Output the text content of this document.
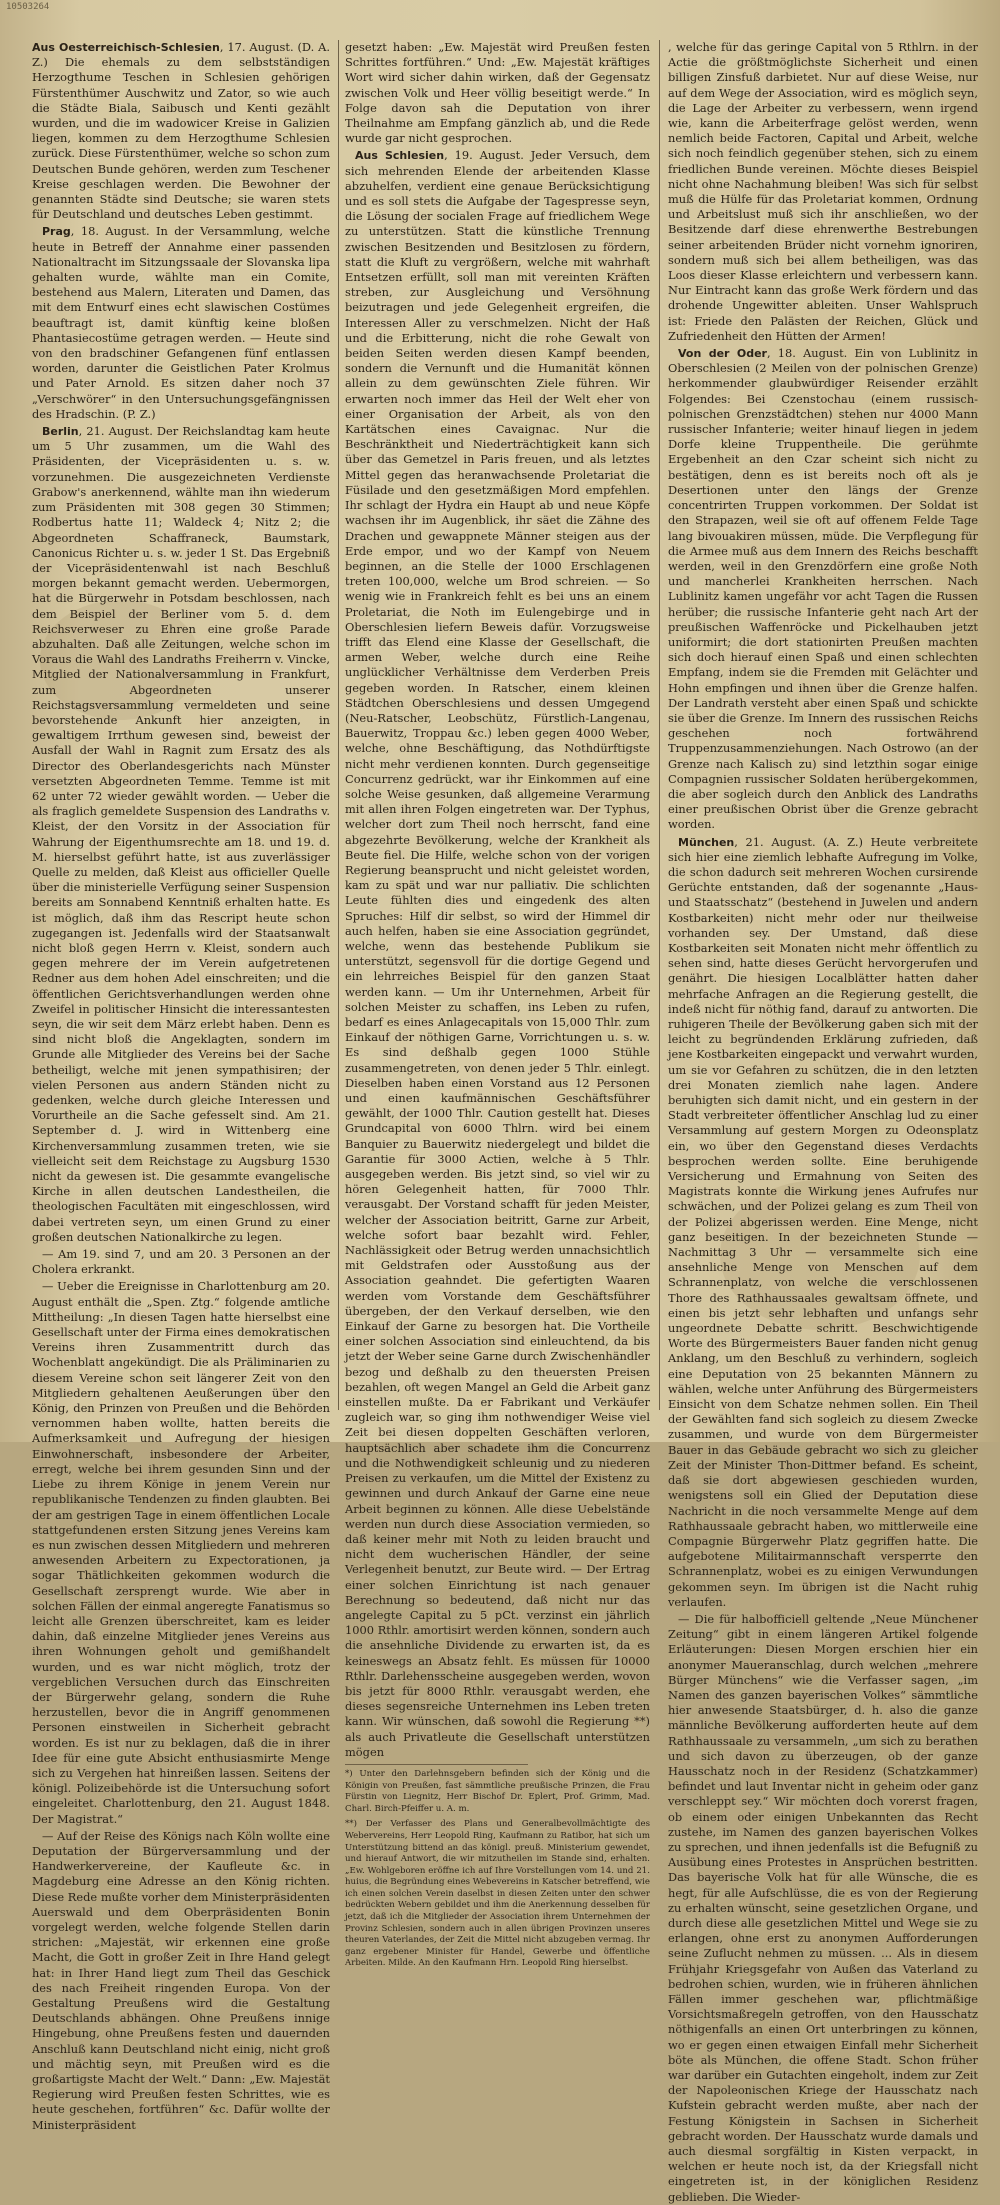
10503264

Aus Oesterreichisch-Schlesien, 17. August. (D. A. Z.) Die ehemals zu dem selbstständigen Herzogthume Teschen in Schlesien gehörigen Fürstenthümer Auschwitz und Zator, so wie auch die Städte Biala, Saibusch und Kenti gezählt wurden, und die im wadowicer Kreise in Galizien liegen, kommen zu dem Herzogthume Schlesien zurück. Diese Fürstenthümer, welche so schon zum Deutschen Bunde gehören, werden zum Teschener Kreise geschlagen werden. Die Bewohner der genannten Städte sind Deutsche; sie waren stets für Deutschland und deutsches Leben gestimmt.

Prag, 18. August. In der Versammlung, welche heute in Betreff der Annahme einer passenden Nationaltracht im Sitzungssaale der Slovanska lipa gehalten wurde, wählte man ein Comite, bestehend aus Malern, Literaten und Damen, das mit dem Entwurf eines echt slawischen Costümes beauftragt ist, damit künftig keine bloßen Phantasiecostüme getragen werden. — Heute sind von den bradschiner Gefangenen fünf entlassen worden, darunter die Geistlichen Pater Krolmus und Pater Arnold. Es sitzen daher noch 37 „Verschwörer“ in den Untersuchungsgefängnissen des Hradschin. (P. Z.)

Berlin, 21. August. Der Reichslandtag kam heute um 5 Uhr zusammen, um die Wahl des Präsidenten, der Vicepräsidenten u. s. w. vorzunehmen. Die ausgezeichneten Verdienste Grabow's anerkennend, wählte man ihn wiederum zum Präsidenten mit 308 gegen 30 Stimmen; Rodbertus hatte 11; Waldeck 4; Nitz 2; die Abgeordneten Schaffraneck, Baumstark, Canonicus Richter u. s. w. jeder 1 St. Das Ergebniß der Vicepräsidentenwahl ist nach Beschluß morgen bekannt gemacht werden. Uebermorgen, hat die Bürgerwehr in Potsdam beschlossen, nach dem Beispiel der Berliner vom 5. d. dem Reichsverweser zu Ehren eine große Parade abzuhalten. Daß alle Zeitungen, welche schon im Voraus die Wahl des Landraths Freiherrn v. Vincke, Mitglied der Nationalversammlung in Frankfurt, zum Abgeordneten unserer Reichstagsversammlung vermeldeten und seine bevorstehende Ankunft hier anzeigten, in gewaltigem Irrthum gewesen sind, beweist der Ausfall der Wahl in Ragnit zum Ersatz des als Director des Oberlandesgerichts nach Münster versetzten Abgeordneten Temme. Temme ist mit 62 unter 72 wieder gewählt worden. — Ueber die als fraglich gemeldete Suspension des Landraths v. Kleist, der den Vorsitz in der Association für Wahrung der Eigenthumsrechte am 18. und 19. d. M. hierselbst geführt hatte, ist aus zuverlässiger Quelle zu melden, daß Kleist aus officieller Quelle über die ministerielle Verfügung seiner Suspension bereits am Sonnabend Kenntniß erhalten hatte. Es ist möglich, daß ihm das Rescript heute schon zugegangen ist. Jedenfalls wird der Staatsanwalt nicht bloß gegen Herrn v. Kleist, sondern auch gegen mehrere der im Verein aufgetretenen Redner aus dem hohen Adel einschreiten; und die öffentlichen Gerichtsverhandlungen werden ohne Zweifel in politischer Hinsicht die interessantesten seyn, die wir seit dem März erlebt haben. Denn es sind nicht bloß die Angeklagten, sondern im Grunde alle Mitglieder des Vereins bei der Sache betheiligt, welche mit jenen sympathisiren; der vielen Personen aus andern Ständen nicht zu gedenken, welche durch gleiche Interessen und Vorurtheile an die Sache gefesselt sind. Am 21. September d. J. wird in Wittenberg eine Kirchenversammlung zusammen treten, wie sie vielleicht seit dem Reichstage zu Augsburg 1530 nicht da gewesen ist. Die gesammte evangelische Kirche in allen deutschen Landestheilen, die theologischen Facultäten mit eingeschlossen, wird dabei vertreten seyn, um einen Grund zu einer großen deutschen Nationalkirche zu legen.

— Am 19. sind 7, und am 20. 3 Personen an der Cholera erkrankt.

— Ueber die Ereignisse in Charlottenburg am 20. August enthält die „Spen. Ztg.“ folgende amtliche Mittheilung: „In diesen Tagen hatte hierselbst eine Gesellschaft unter der Firma eines demokratischen Vereins ihren Zusammentritt durch das Wochenblatt angekündigt. Die als Präliminarien zu diesem Vereine schon seit längerer Zeit von den Mitgliedern gehaltenen Aeußerungen über den König, den Prinzen von Preußen und die Behörden vernommen haben wollte, hatten bereits die Aufmerksamkeit und Aufregung der hiesigen Einwohnerschaft, insbesondere der Arbeiter, erregt, welche bei ihrem gesunden Sinn und der Liebe zu ihrem Könige in jenem Verein nur republikanische Tendenzen zu finden glaubten. Bei der am gestrigen Tage in einem öffentlichen Locale stattgefundenen ersten Sitzung jenes Vereins kam es nun zwischen dessen Mitgliedern und mehreren anwesenden Arbeitern zu Expectorationen, ja sogar Thätlichkeiten gekommen wodurch die Gesellschaft zersprengt wurde. Wie aber in solchen Fällen der einmal angeregte Fanatismus so leicht alle Grenzen überschreitet, kam es leider dahin, daß einzelne Mitglieder jenes Vereins aus ihren Wohnungen geholt und gemißhandelt wurden, und es war nicht möglich, trotz der vergeblichen Versuchen durch das Einschreiten der Bürgerwehr gelang, sondern die Ruhe herzustellen, bevor die in Angriff genommenen Personen einstweilen in Sicherheit gebracht worden. Es ist nur zu beklagen, daß die in ihrer Idee für eine gute Absicht enthusiasmirte Menge sich zu Vergehen hat hinreißen lassen. Seitens der königl. Polizeibehörde ist die Untersuchung sofort eingeleitet. Charlottenburg, den 21. August 1848. Der Magistrat.“

— Auf der Reise des Königs nach Köln wollte eine Deputation der Bürgerversammlung und der Handwerkervereine, der Kaufleute &c. in Magdeburg eine Adresse an den König richten. Diese Rede mußte vorher dem Ministerpräsidenten Auerswald und dem Oberpräsidenten Bonin vorgelegt werden, welche folgende Stellen darin strichen: „Majestät, wir erkennen eine große Macht, die Gott in großer Zeit in Ihre Hand gelegt hat: in Ihrer Hand liegt zum Theil das Geschick des nach Freiheit ringenden Europa. Von der Gestaltung Preußens wird die Gestaltung Deutschlands abhängen. Ohne Preußens innige Hingebung, ohne Preußens festen und dauernden Anschluß kann Deutschland nicht einig, nicht groß und mächtig seyn, mit Preußen wird es die großartigste Macht der Welt.“ Dann: „Ew. Majestät Regierung wird Preußen festen Schrittes, wie es heute geschehen, fortführen“ &c. Dafür wollte der Ministerpräsident

gesetzt haben: „Ew. Majestät wird Preußen festen Schrittes fortführen.“ Und: „Ew. Majestät kräftiges Wort wird sicher dahin wirken, daß der Gegensatz zwischen Volk und Heer völlig beseitigt werde.“ In Folge davon sah die Deputation von ihrer Theilnahme am Empfang gänzlich ab, und die Rede wurde gar nicht gesprochen.

Aus Schlesien, 19. August. Jeder Versuch, dem sich mehrenden Elende der arbeitenden Klasse abzuhelfen, verdient eine genaue Berücksichtigung und es soll stets die Aufgabe der Tagespresse seyn, die Lösung der socialen Frage auf friedlichem Wege zu unterstützen. Statt die künstliche Trennung zwischen Besitzenden und Besitzlosen zu fördern, statt die Kluft zu vergrößern, welche mit wahrhaft Entsetzen erfüllt, soll man mit vereinten Kräften streben, zur Ausgleichung und Versöhnung beizutragen und jede Gelegenheit ergreifen, die Interessen Aller zu verschmelzen. Nicht der Haß und die Erbitterung, nicht die rohe Gewalt von beiden Seiten werden diesen Kampf beenden, sondern die Vernunft und die Humanität können allein zu dem gewünschten Ziele führen. Wir erwarten noch immer das Heil der Welt eher von einer Organisation der Arbeit, als von den Kartätschen eines Cavaignac. Nur die Beschränktheit und Niederträchtigkeit kann sich über das Gemetzel in Paris freuen, und als letztes Mittel gegen das heranwachsende Proletariat die Füsilade und den gesetzmäßigen Mord empfehlen. Ihr schlagt der Hydra ein Haupt ab und neue Köpfe wachsen ihr im Augenblick, ihr säet die Zähne des Drachen und gewappnete Männer steigen aus der Erde empor, und wo der Kampf von Neuem beginnen, an die Stelle der 1000 Erschlagenen treten 100,000, welche um Brod schreien. — So wenig wie in Frankreich fehlt es bei uns an einem Proletariat, die Noth im Eulengebirge und in Oberschlesien liefern Beweis dafür. Vorzugsweise trifft das Elend eine Klasse der Gesellschaft, die armen Weber, welche durch eine Reihe unglücklicher Verhältnisse dem Verderben Preis gegeben worden. In Ratscher, einem kleinen Städtchen Oberschlesiens und dessen Umgegend (Neu-Ratscher, Leobschütz, Fürstlich-Langenau, Bauerwitz, Troppau &c.) leben gegen 4000 Weber, welche, ohne Beschäftigung, das Nothdürftigste nicht mehr verdienen konnten. Durch gegenseitige Concurrenz gedrückt, war ihr Einkommen auf eine solche Weise gesunken, daß allgemeine Verarmung mit allen ihren Folgen eingetreten war. Der Typhus, welcher dort zum Theil noch herrscht, fand eine abgezehrte Bevölkerung, welche der Krankheit als Beute fiel. Die Hilfe, welche schon von der vorigen Regierung beansprucht und nicht geleistet worden, kam zu spät und war nur palliativ. Die schlichten Leute fühlten dies und eingedenk des alten Spruches: Hilf dir selbst, so wird der Himmel dir auch helfen, haben sie eine Association gegründet, welche, wenn das bestehende Publikum sie unterstützt, segensvoll für die dortige Gegend und ein lehrreiches Beispiel für den ganzen Staat werden kann. — Um ihr Unternehmen, Arbeit für solchen Meister zu schaffen, ins Leben zu rufen, bedarf es eines Anlagecapitals von 15,000 Thlr. zum Einkauf der nöthigen Garne, Vorrichtungen u. s. w. Es sind deßhalb gegen 1000 Stühle zusammengetreten, von denen jeder 5 Thlr. einlegt. Dieselben haben einen Vorstand aus 12 Personen und einen kaufmännischen Geschäftsführer gewählt, der 1000 Thlr. Caution gestellt hat. Dieses Grundcapital von 6000 Thlrn. wird bei einem Banquier zu Bauerwitz niedergelegt und bildet die Garantie für 3000 Actien, welche à 5 Thlr. ausgegeben werden. Bis jetzt sind, so viel wir zu hören Gelegenheit hatten, für 7000 Thlr. verausgabt. Der Vorstand schafft für jeden Meister, welcher der Association beitritt, Garne zur Arbeit, welche sofort baar bezahlt wird. Fehler, Nachlässigkeit oder Betrug werden unnachsichtlich mit Geldstrafen oder Ausstoßung aus der Association geahndet. Die gefertigten Waaren werden vom Vorstande dem Geschäftsführer übergeben, der den Verkauf derselben, wie den Einkauf der Garne zu besorgen hat. Die Vortheile einer solchen Association sind einleuchtend, da bis jetzt der Weber seine Garne durch Zwischenhändler bezog und deßhalb zu den theuersten Preisen bezahlen, oft wegen Mangel an Geld die Arbeit ganz einstellen mußte. Da er Fabrikant und Verkäufer zugleich war, so ging ihm nothwendiger Weise viel Zeit bei diesen doppelten Geschäften verloren, hauptsächlich aber schadete ihm die Concurrenz und die Nothwendigkeit schleunig und zu niederen Preisen zu verkaufen, um die Mittel der Existenz zu gewinnen und durch Ankauf der Garne eine neue Arbeit beginnen zu können. Alle diese Uebelstände werden nun durch diese Association vermieden, so daß keiner mehr mit Noth zu leiden braucht und nicht dem wucherischen Händler, der seine Verlegenheit benutzt, zur Beute wird. — Der Ertrag einer solchen Einrichtung ist nach genauer Berechnung so bedeutend, daß nicht nur das angelegte Capital zu 5 pCt. verzinst ein jährlich 1000 Rthlr. amortisirt werden können, sondern auch die ansehnliche Dividende zu erwarten ist, da es keineswegs an Absatz fehlt. Es müssen für 10000 Rthlr. Darlehensscheine ausgegeben werden, wovon bis jetzt für 8000 Rthlr. verausgabt werden, ehe dieses segensreiche Unternehmen ins Leben treten kann. Wir wünschen, daß sowohl die Regierung **) als auch Privatleute die Gesellschaft unterstützen mögen

*) Unter den Darlehnsgebern befinden sich der König und die Königin von Preußen, fast sämmtliche preußische Prinzen, die Frau Fürstin von Liegnitz, Herr Bischof Dr. Eplert, Prof. Grimm, Mad. Charl. Birch-Pfeiffer u. A. m.
**) Der Verfasser des Plans und Generalbevollmächtigte des Webervereins, Herr Leopold Ring, Kaufmann zu Ratibor, hat sich um Unterstützung bittend an das königl. preuß. Ministerium gewendet, und hierauf Antwort, die wir mitzutheilen im Stande sind, erhalten. „Ew. Wohlgeboren eröffne ich auf Ihre Vorstellungen vom 14. und 21. huius, die Begründung eines Webevereins in Katscher betreffend, wie ich einen solchen Verein daselbst in diesen Zeiten unter den schwer bedrückten Webern gebildet und ihm die Anerkennung desselben für jetzt, daß ich die Mitglieder der Association ihrem Unternehmen der Provinz Schlesien, sondern auch in allen übrigen Provinzen unseres theuren Vaterlandes, der Zeit die Mittel nicht abzugeben vermag. Ihr ganz ergebener Minister für Handel, Gewerbe und öffentliche Arbeiten. Milde. An den Kaufmann Hrn. Leopold Ring hierselbst.

, welche für das geringe Capital von 5 Rthlrn. in der Actie die größtmöglichste Sicherheit und einen billigen Zinsfuß darbietet. Nur auf diese Weise, nur auf dem Wege der Association, wird es möglich seyn, die Lage der Arbeiter zu verbessern, wenn irgend wie, kann die Arbeiterfrage gelöst werden, wenn nemlich beide Factoren, Capital und Arbeit, welche sich noch feindlich gegenüber stehen, sich zu einem friedlichen Bunde vereinen. Möchte dieses Beispiel nicht ohne Nachahmung bleiben! Was sich für selbst muß die Hülfe für das Proletariat kommen, Ordnung und Arbeitslust muß sich ihr anschließen, wo der Besitzende darf diese ehrenwerthe Bestrebungen seiner arbeitenden Brüder nicht vornehm ignoriren, sondern muß sich bei allem betheiligen, was das Loos dieser Klasse erleichtern und verbessern kann. Nur Eintracht kann das große Werk fördern und das drohende Ungewitter ableiten. Unser Wahlspruch ist: Friede den Palästen der Reichen, Glück und Zufriedenheit den Hütten der Armen!

Von der Oder, 18. August. Ein von Lublinitz in Oberschlesien (2 Meilen von der polnischen Grenze) herkommender glaubwürdiger Reisender erzählt Folgendes: Bei Czenstochau (einem russisch-polnischen Grenzstädtchen) stehen nur 4000 Mann russischer Infanterie; weiter hinauf liegen in jedem Dorfe kleine Truppentheile. Die gerühmte Ergebenheit an den Czar scheint sich nicht zu bestätigen, denn es ist bereits noch oft als je Desertionen unter den längs der Grenze concentrirten Truppen vorkommen. Der Soldat ist den Strapazen, weil sie oft auf offenem Felde Tage lang bivouakiren müssen, müde. Die Verpflegung für die Armee muß aus dem Innern des Reichs beschafft werden, weil in den Grenzdörfern eine große Noth und mancherlei Krankheiten herrschen. Nach Lublinitz kamen ungefähr vor acht Tagen die Russen herüber; die russische Infanterie geht nach Art der preußischen Waffenröcke und Pickelhauben jetzt uniformirt; die dort stationirten Preußen machten sich doch hierauf einen Spaß und einen schlechten Empfang, indem sie die Fremden mit Gelächter und Hohn empfingen und ihnen über die Grenze halfen. Der Landrath versteht aber einen Spaß und schickte sie über die Grenze. Im Innern des russischen Reichs geschehen noch fortwährend Truppenzusammenziehungen. Nach Ostrowo (an der Grenze nach Kalisch zu) sind letzthin sogar einige Compagnien russischer Soldaten herübergekommen, die aber sogleich durch den Anblick des Landraths einer preußischen Obrist über die Grenze gebracht worden.

München, 21. August. (A. Z.) Heute verbreitete sich hier eine ziemlich lebhafte Aufregung im Volke, die schon dadurch seit mehreren Wochen cursirende Gerüchte entstanden, daß der sogenannte „Haus- und Staatsschatz“ (bestehend in Juwelen und andern Kostbarkeiten) nicht mehr oder nur theilweise vorhanden sey. Der Umstand, daß diese Kostbarkeiten seit Monaten nicht mehr öffentlich zu sehen sind, hatte dieses Gerücht hervorgerufen und genährt. Die hiesigen Localblätter hatten daher mehrfache Anfragen an die Regierung gestellt, die indeß nicht für nöthig fand, darauf zu antworten. Die ruhigeren Theile der Bevölkerung gaben sich mit der leicht zu begründenden Erklärung zufrieden, daß jene Kostbarkeiten eingepackt und verwahrt wurden, um sie vor Gefahren zu schützen, die in den letzten drei Monaten ziemlich nahe lagen. Andere beruhigten sich damit nicht, und ein gestern in der Stadt verbreiteter öffentlicher Anschlag lud zu einer Versammlung auf gestern Morgen zu Odeonsplatz ein, wo über den Gegenstand dieses Verdachts besprochen werden sollte. Eine beruhigende Versicherung und Ermahnung von Seiten des Magistrats konnte die Wirkung jenes Aufrufes nur schwächen, und der Polizei gelang es zum Theil von der Polizei abgerissen werden. Eine Menge, nicht ganz beseitigen. In der bezeichneten Stunde — Nachmittag 3 Uhr — versammelte sich eine ansehnliche Menge von Menschen auf dem Schrannenplatz, von welche die verschlossenen Thore des Rathhaussaales gewaltsam öffnete, und einen bis jetzt sehr lebhaften und unfangs sehr ungeordnete Debatte schritt. Beschwichtigende Worte des Bürgermeisters Bauer fanden nicht genug Anklang, um den Beschluß zu verhindern, sogleich eine Deputation von 25 bekannten Männern zu wählen, welche unter Anführung des Bürgermeisters Einsicht von dem Schatze nehmen sollen. Ein Theil der Gewählten fand sich sogleich zu diesem Zwecke zusammen, und wurde von dem Bürgermeister Bauer in das Gebäude gebracht wo sich zu gleicher Zeit der Minister Thon-Dittmer befand. Es scheint, daß sie dort abgewiesen geschieden wurden, wenigstens soll ein Glied der Deputation diese Nachricht in die noch versammelte Menge auf dem Rathhaussaale gebracht haben, wo mittlerweile eine Compagnie Bürgerwehr Platz gegriffen hatte. Die aufgebotene Militairmannschaft versperrte den Schrannenplatz, wobei es zu einigen Verwundungen gekommen seyn. Im übrigen ist die Nacht ruhig verlaufen.

— Die für halbofficiell geltende „Neue Münchener Zeitung“ gibt in einem längeren Artikel folgende Erläuterungen: Diesen Morgen erschien hier ein anonymer Maueranschlag, durch welchen „mehrere Bürger Münchens“ wie die Verfasser sagen, „im Namen des ganzen bayerischen Volkes“ sämmtliche hier anwesende Staatsbürger, d. h. also die ganze männliche Bevölkerung aufforderten heute auf dem Rathhaussaale zu versammeln, „um sich zu berathen und sich davon zu überzeugen, ob der ganze Hausschatz noch in der Residenz (Schatzkammer) befindet und laut Inventar nicht in geheim oder ganz verschleppt sey.“ Wir möchten doch vorerst fragen, ob einem oder einigen Unbekannten das Recht zustehe, im Namen des ganzen bayerischen Volkes zu sprechen, und ihnen jedenfalls ist die Befugniß zu Ausübung eines Protestes in Ansprüchen bestritten. Das bayerische Volk hat für alle Wünsche, die es hegt, für alle Aufschlüsse, die es von der Regierung zu erhalten wünscht, seine gesetzlichen Organe, und durch diese alle gesetzlichen Mittel und Wege sie zu erlangen, ohne erst zu anonymen Aufforderungen seine Zuflucht nehmen zu müssen. ... Als in diesem Frühjahr Kriegsgefahr von Außen das Vaterland zu bedrohen schien, wurden, wie in früheren ähnlichen Fällen immer geschehen war, pflichtmäßige Vorsichtsmaßregeln getroffen, von den Hausschatz nöthigenfalls an einen Ort unterbringen zu können, wo er gegen einen etwaigen Einfall mehr Sicherheit böte als München, die offene Stadt. Schon früher war darüber ein Gutachten eingeholt, indem zur Zeit der Napoleonischen Kriege der Hausschatz nach Kufstein gebracht werden mußte, aber nach der Festung Königstein in Sachsen in Sicherheit gebracht worden. Der Hausschatz wurde damals und auch diesmal sorgfältig in Kisten verpackt, in welchen er heute noch ist, da der Kriegsfall nicht eingetreten ist, in der königlichen Residenz geblieben. Die Wieder-
